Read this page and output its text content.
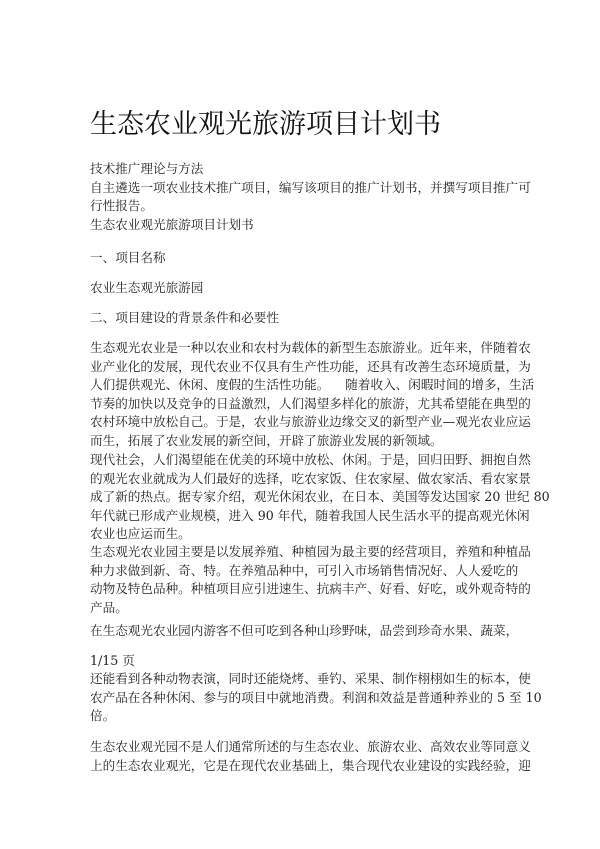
生态农业观光旅游项目计划书
技术推广理论与方法
自主遴选一项农业技术推广项目，编写该项目的推广计划书，并撰写项目推广可
行性报告。
生态农业观光旅游项目计划书
一、项目名称
农业生态观光旅游园
二、项目建设的背景条件和必要性
生态观光农业是一种以农业和农村为载体的新型生态旅游业。近年来，伴随着农
业产业化的发展，现代农业不仅具有生产性功能，还具有改善生态环境质量，为
人们提供观光、休闲、度假的生活性功能。    随着收入、闲暇时间的增多，生活
节奏的加快以及竞争的日益激烈，人们渴望多样化的旅游，尤其希望能在典型的
农村环境中放松自己。于是，农业与旅游业边缘交叉的新型产业—观光农业应运
而生，拓展了农业发展的新空间，开辟了旅游业发展的新领域。
现代社会，人们渴望能在优美的环境中放松、休闲。于是，回归田野、拥抱自然
的观光农业就成为人们最好的选择，吃农家饭、住农家屋、做农家活、看农家景
成了新的热点。据专家介绍，观光休闲农业，在日本、美国等发达国家 20 世纪 80
年代就已形成产业规模，进入 90 年代，随着我国人民生活水平的提高观光休闲
农业也应运而生。
生态观光农业园主要是以发展养殖、种植园为最主要的经营项目，养殖和种植品
种力求做到新、奇、特。在养殖品种中，可引入市场销售情况好、人人爱吃的
动物及特色品种。种植项目应引进速生、抗病丰产、好看、好吃，或外观奇特的
产品。
在生态观光农业园内游客不但可吃到各种山珍野味，品尝到珍奇水果、蔬菜，
1/15 页
还能看到各种动物表演，同时还能烧烤、垂钓、采果、制作栩栩如生的标本，使
农产品在各种休闲、参与的项目中就地消费。利润和效益是普通种养业的 5 至 10
倍。
生态农业观光园不是人们通常所述的与生态农业、旅游农业、高效农业等同意义
上的生态农业观光，它是在现代农业基础上，集合现代农业建设的实践经验，迎
